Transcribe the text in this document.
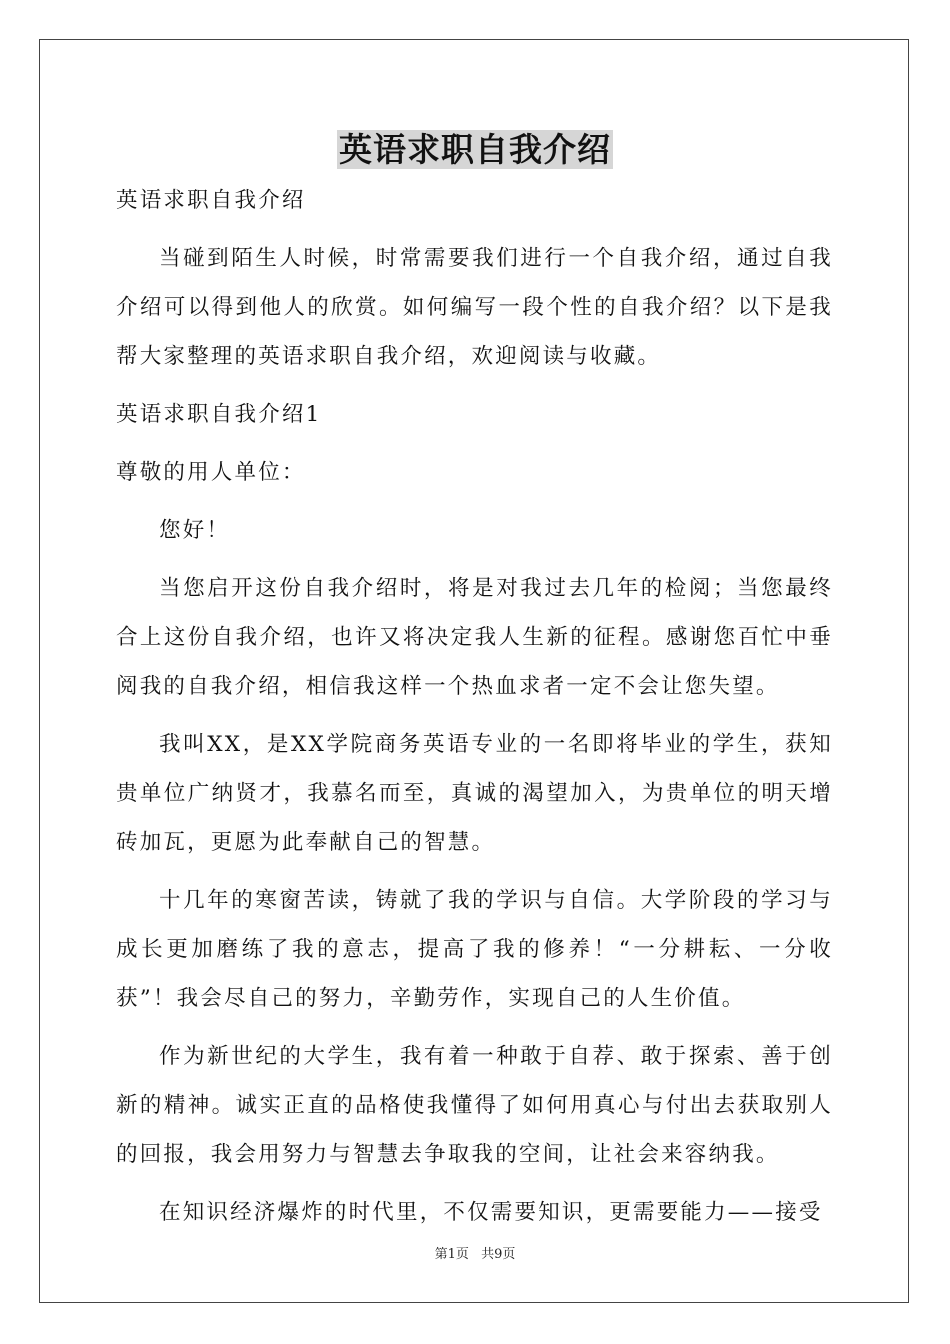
英语求职自我介绍

英语求职自我介绍

当碰到陌生人时候，时常需要我们进行一个自我介绍，通过自我介绍可以得到他人的欣赏。如何编写一段个性的自我介绍？以下是我帮大家整理的英语求职自我介绍，欢迎阅读与收藏。

英语求职自我介绍1

尊敬的用人单位：

您好！

当您启开这份自我介绍时，将是对我过去几年的检阅；当您最终合上这份自我介绍，也许又将决定我人生新的征程。感谢您百忙中垂阅我的自我介绍，相信我这样一个热血求者一定不会让您失望。

我叫XX，是XX学院商务英语专业的一名即将毕业的学生，获知贵单位广纳贤才，我慕名而至，真诚的渴望加入，为贵单位的明天增砖加瓦，更愿为此奉献自己的智慧。

十几年的寒窗苦读，铸就了我的学识与自信。大学阶段的学习与成长更加磨练了我的意志，提高了我的修养！“一分耕耘、一分收获”！我会尽自己的努力，辛勤劳作，实现自己的人生价值。

作为新世纪的大学生，我有着一种敢于自荐、敢于探索、善于创新的精神。诚实正直的品格使我懂得了如何用真心与付出去获取别人的回报，我会用努力与智慧去争取我的空间，让社会来容纳我。

在知识经济爆炸的时代里，不仅需要知识，更需要能力——接受

第1页 共9页
